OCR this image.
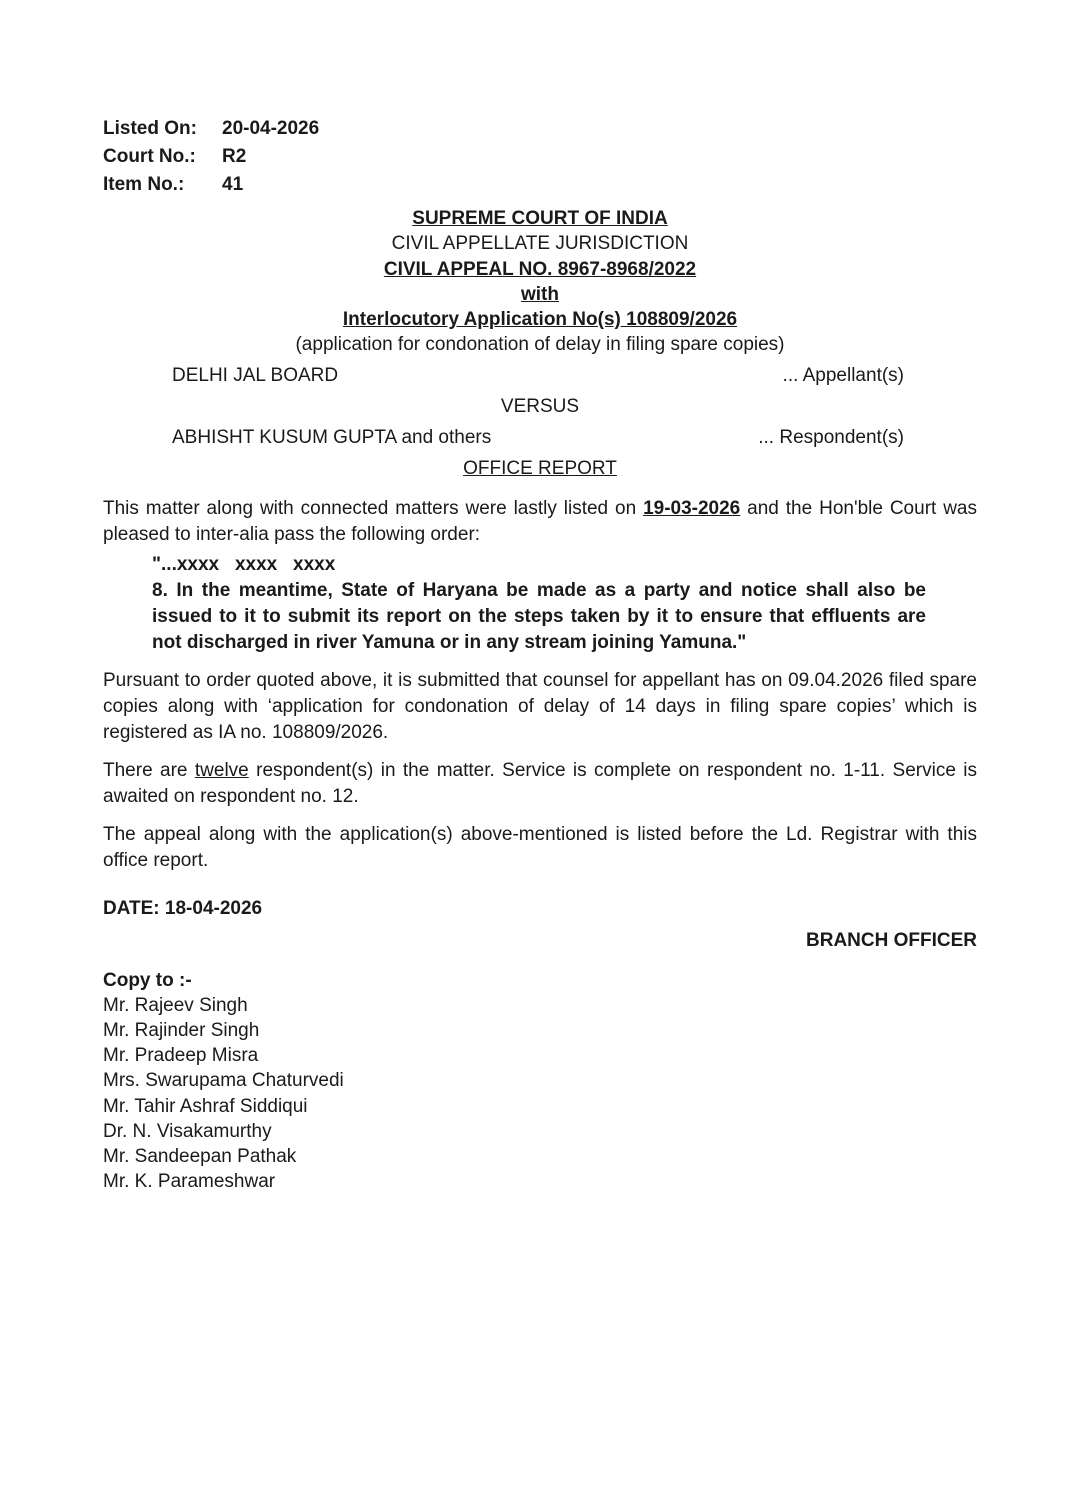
Listed On:	20-04-2026
Court No.:	R2
Item No.:	41
SUPREME COURT OF INDIA
CIVIL APPELLATE JURISDICTION
CIVIL APPEAL NO. 8967-8968/2022
with
Interlocutory Application No(s) 108809/2026
(application for condonation of delay in filing spare copies)
DELHI JAL BOARD	... Appellant(s)
VERSUS
ABHISHT KUSUM GUPTA and others	... Respondent(s)
OFFICE REPORT
This matter along with connected matters were lastly listed on 19-03-2026 and the Hon'ble Court was pleased to inter-alia pass the following order:
"...xxxx   xxxx   xxxx
8. In the meantime, State of Haryana be made as a party and notice shall also be issued to it to submit its report on the steps taken by it to ensure that effluents are not discharged in river Yamuna or in any stream joining Yamuna."
Pursuant to order quoted above, it is submitted that counsel for appellant has on 09.04.2026 filed spare copies along with ‘application for condonation of delay of 14 days in filing spare copies’ which is registered as IA no. 108809/2026.
There are twelve respondent(s) in the matter. Service is complete on respondent no. 1-11. Service is awaited on respondent no. 12.
The appeal along with the application(s) above-mentioned is listed before the Ld. Registrar with this office report.
DATE: 18-04-2026
BRANCH OFFICER
Copy to :-
Mr. Rajeev Singh
Mr. Rajinder Singh
Mr. Pradeep Misra
Mrs. Swarupama Chaturvedi
Mr. Tahir Ashraf Siddiqui
Dr. N. Visakamurthy
Mr. Sandeepan Pathak
Mr. K. Parameshwar
